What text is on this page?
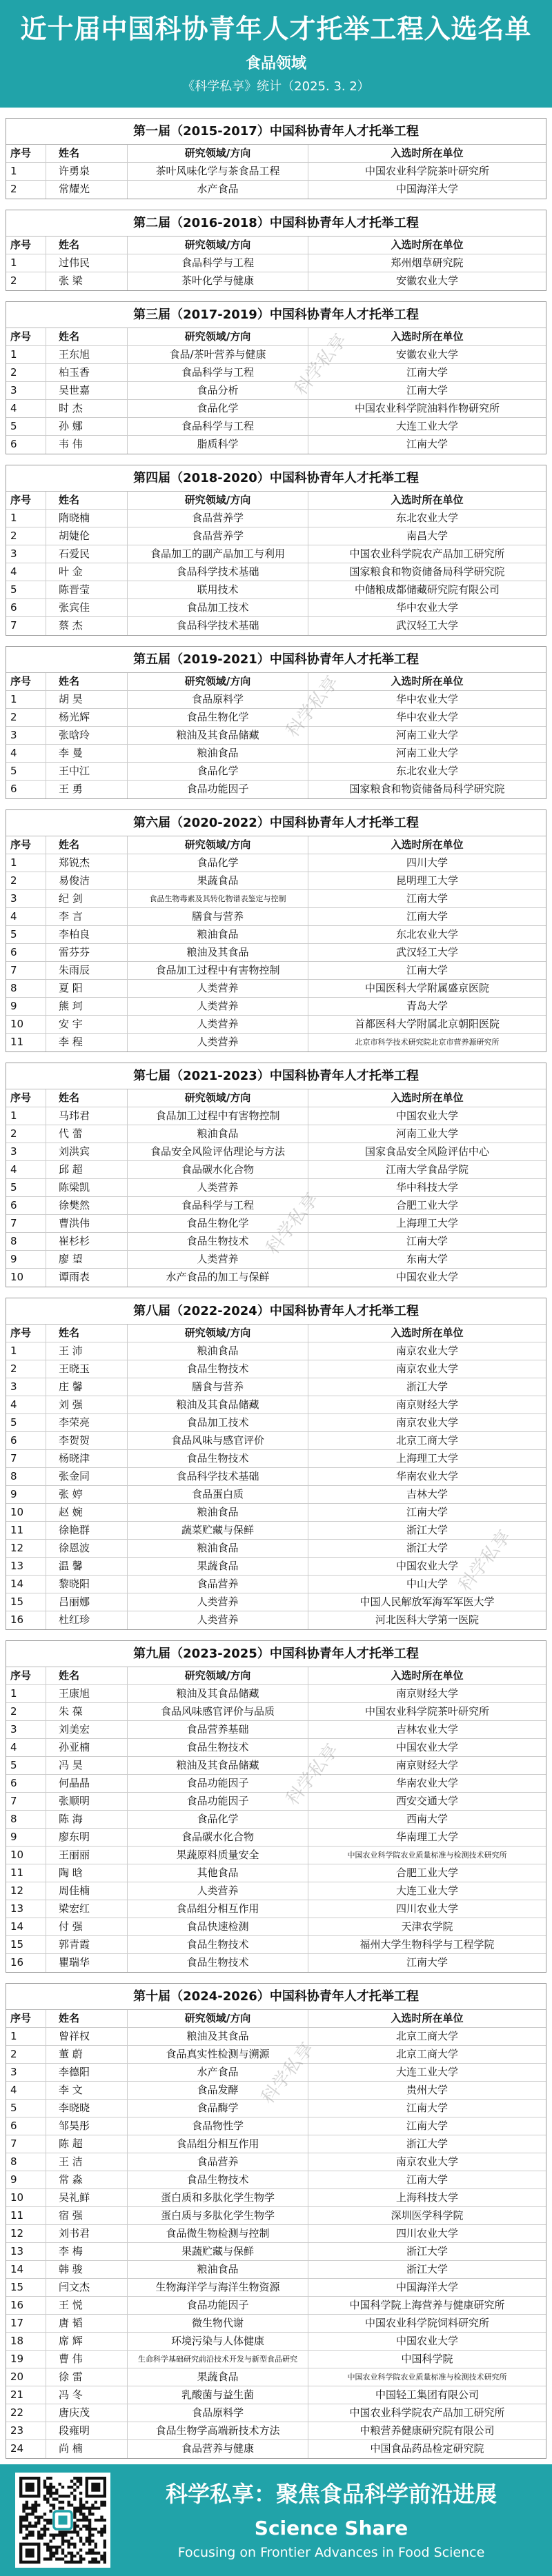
近十届中国科协青年人才托举工程入选名单
食品领域
《科学私享》统计（2025. 3. 2）
第一届（2015-2017）中国科协青年人才托举工程
序号	姓名	研究领域/方向	入选时所在单位
1	许勇泉	茶叶风味化学与茶食品工程	中国农业科学院茶叶研究所
2	常耀光	水产食品	中国海洋大学
第二届（2016-2018）中国科协青年人才托举工程
序号	姓名	研究领域/方向	入选时所在单位
1	过伟民	食品科学与工程	郑州烟草研究院
2	张 梁	茶叶化学与健康	安徽农业大学
第三届（2017-2019）中国科协青年人才托举工程
序号	姓名	研究领域/方向	入选时所在单位
1	王东旭	食品/茶叶营养与健康	安徽农业大学
2	柏玉香	食品科学与工程	江南大学
3	吴世嘉	食品分析	江南大学
4	时 杰	食品化学	中国农业科学院油料作物研究所
5	孙 娜	食品科学与工程	大连工业大学
6	韦 伟	脂质科学	江南大学
第四届（2018-2020）中国科协青年人才托举工程
序号	姓名	研究领域/方向	入选时所在单位
1	隋晓楠	食品营养学	东北农业大学
2	胡婕伦	食品营养学	南昌大学
3	石爱民	食品加工的副产品加工与利用	中国农业科学院农产品加工研究所
4	叶 金	食品科学技术基础	国家粮食和物资储备局科学研究院
5	陈晋莹	联用技术	中储粮成都储藏研究院有限公司
6	张宾佳	食品加工技术	华中农业大学
7	蔡 杰	食品科学技术基础	武汉轻工大学
第五届（2019-2021）中国科协青年人才托举工程
序号	姓名	研究领域/方向	入选时所在单位
1	胡 昊	食品原料学	华中农业大学
2	杨光辉	食品生物化学	华中农业大学
3	张晗玲	粮油及其食品储藏	河南工业大学
4	李 曼	粮油食品	河南工业大学
5	王中江	食品化学	东北农业大学
6	王 勇	食品功能因子	国家粮食和物资储备局科学研究院
第六届（2020-2022）中国科协青年人才托举工程
序号	姓名	研究领域/方向	入选时所在单位
1	郑锐杰	食品化学	四川大学
2	易俊洁	果蔬食品	昆明理工大学
3	纪 剑	食品生物毒素及其转化物谱表鉴定与控制	江南大学
4	李 言	膳食与营养	江南大学
5	李柏良	粮油食品	东北农业大学
6	雷芬芬	粮油及其食品	武汉轻工大学
7	朱雨辰	食品加工过程中有害物控制	江南大学
8	夏 阳	人类营养	中国医科大学附属盛京医院
9	熊 珂	人类营养	青岛大学
10	安 宇	人类营养	首都医科大学附属北京朝阳医院
11	李 程	人类营养	北京市科学技术研究院北京市营养源研究所
第七届（2021-2023）中国科协青年人才托举工程
序号	姓名	研究领域/方向	入选时所在单位
1	马玮君	食品加工过程中有害物控制	中国农业大学
2	代 蕾	粮油食品	河南工业大学
3	刘洪宾	食品安全风险评估理论与方法	国家食品安全风险评估中心
4	邱 超	食品碳水化合物	江南大学食品学院
5	陈梁凯	人类营养	华中科技大学
6	徐樊然	食品科学与工程	合肥工业大学
7	曹洪伟	食品生物化学	上海理工大学
8	崔杉杉	食品生物技术	江南大学
9	廖 望	人类营养	东南大学
10	谭雨表	水产食品的加工与保鲜	中国农业大学
第八届（2022-2024）中国科协青年人才托举工程
序号	姓名	研究领域/方向	入选时所在单位
1	王 沛	粮油食品	南京农业大学
2	王晓玉	食品生物技术	南京农业大学
3	庄 馨	膳食与营养	浙江大学
4	刘 强	粮油及其食品储藏	南京财经大学
5	李荣亮	食品加工技术	南京农业大学
6	李贺贺	食品风味与感官评价	北京工商大学
7	杨晓津	食品生物技术	上海理工大学
8	张金同	食品科学技术基础	华南农业大学
9	张 婷	食品蛋白质	吉林大学
10	赵 婉	粮油食品	江南大学
11	徐艳群	蔬菜贮藏与保鲜	浙江大学
12	徐恩波	粮油食品	浙江大学
13	温 馨	果蔬食品	中国农业大学
14	黎晓阳	食品营养	中山大学
15	吕丽娜	人类营养	中国人民解放军海军军医大学
16	杜红珍	人类营养	河北医科大学第一医院
第九届（2023-2025）中国科协青年人才托举工程
序号	姓名	研究领域/方向	入选时所在单位
1	王康旭	粮油及其食品储藏	南京财经大学
2	朱 葆	食品风味感官评价与品质	中国农业科学院茶叶研究所
3	刘美宏	食品营养基础	吉林农业大学
4	孙亚楠	食品生物技术	中国农业大学
5	冯 昊	粮油及其食品储藏	南京财经大学
6	何晶晶	食品功能因子	华南农业大学
7	张顺明	食品功能因子	西安交通大学
8	陈 海	食品化学	西南大学
9	廖东明	食品碳水化合物	华南理工大学
10	王丽丽	果蔬原料质量安全	中国农业科学院农业质量标准与检测技术研究所
11	陶 晗	其他食品	合肥工业大学
12	周佳楠	人类营养	大连工业大学
13	梁宏红	食品组分相互作用	四川农业大学
14	付 强	食品快速检测	天津农学院
15	郭青霞	食品生物技术	福州大学生物科学与工程学院
16	瞿瑞华	食品生物技术	江南大学
第十届（2024-2026）中国科协青年人才托举工程
序号	姓名	研究领域/方向	入选时所在单位
1	曾祥权	粮油及其食品	北京工商大学
2	董 蔚	食品真实性检测与溯源	北京工商大学
3	李德阳	水产食品	大连工业大学
4	李 文	食品发酵	贵州大学
5	李晓晓	食品酶学	江南大学
6	邹昊彤	食品物性学	江南大学
7	陈 超	食品组分相互作用	浙江大学
8	王 洁	食品营养	南京农业大学
9	常 淼	食品生物技术	江南大学
10	吴礼鲜	蛋白质和多肽化学生物学	上海科技大学
11	宿 强	蛋白质与多肽化学生物学	深圳医学科学院
12	刘书君	食品微生物检测与控制	四川农业大学
13	李 梅	果蔬贮藏与保鲜	浙江大学
14	韩 骏	粮油食品	浙江大学
15	闫文杰	生物海洋学与海洋生物资源	中国海洋大学
16	王 悦	食品功能因子	中国科学院上海营养与健康研究所
17	唐 韬	微生物代谢	中国农业科学院饲料研究所
18	席 辉	环境污染与人体健康	中国农业大学
19	曹 伟	生命科学基础研究前沿技术开发与新型食品研究	中国科学院
20	徐 雷	果蔬食品	中国农业科学院农业质量标准与检测技术研究所
21	冯 冬	乳酸菌与益生菌	中国轻工集团有限公司
22	唐庆茂	食品原料学	中国农业科学院农产品加工研究所
23	段雍明	食品生物学高端新技术方法	中粮营养健康研究院有限公司
24	尚 楠	食品营养与健康	中国食品药品检定研究院
科学私享
科学私享
科学私享
科学私享
科学私享
科学私享
科学私享：聚焦食品科学前沿进展
Science Share
Focusing on Frontier Advances in Food Science
